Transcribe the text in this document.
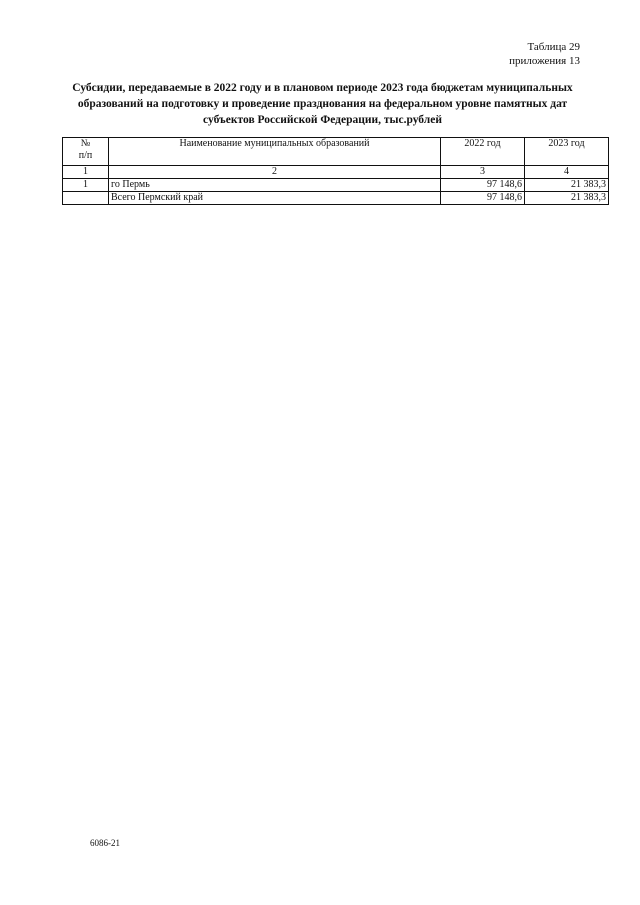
Таблица 29
приложения 13
Субсидии, передаваемые в 2022 году и в плановом периоде 2023 года бюджетам муниципальных
образований на подготовку и проведение празднования на федеральном уровне памятных дат
субъектов Российской Федерации, тыс.рублей
№
п/п	Наименование муниципальных образований	2022 год	2023 год
1	2	3	4
1	го Пермь	97 148,6	21 383,3
	Всего Пермский край	97 148,6	21 383,3
6086-21
